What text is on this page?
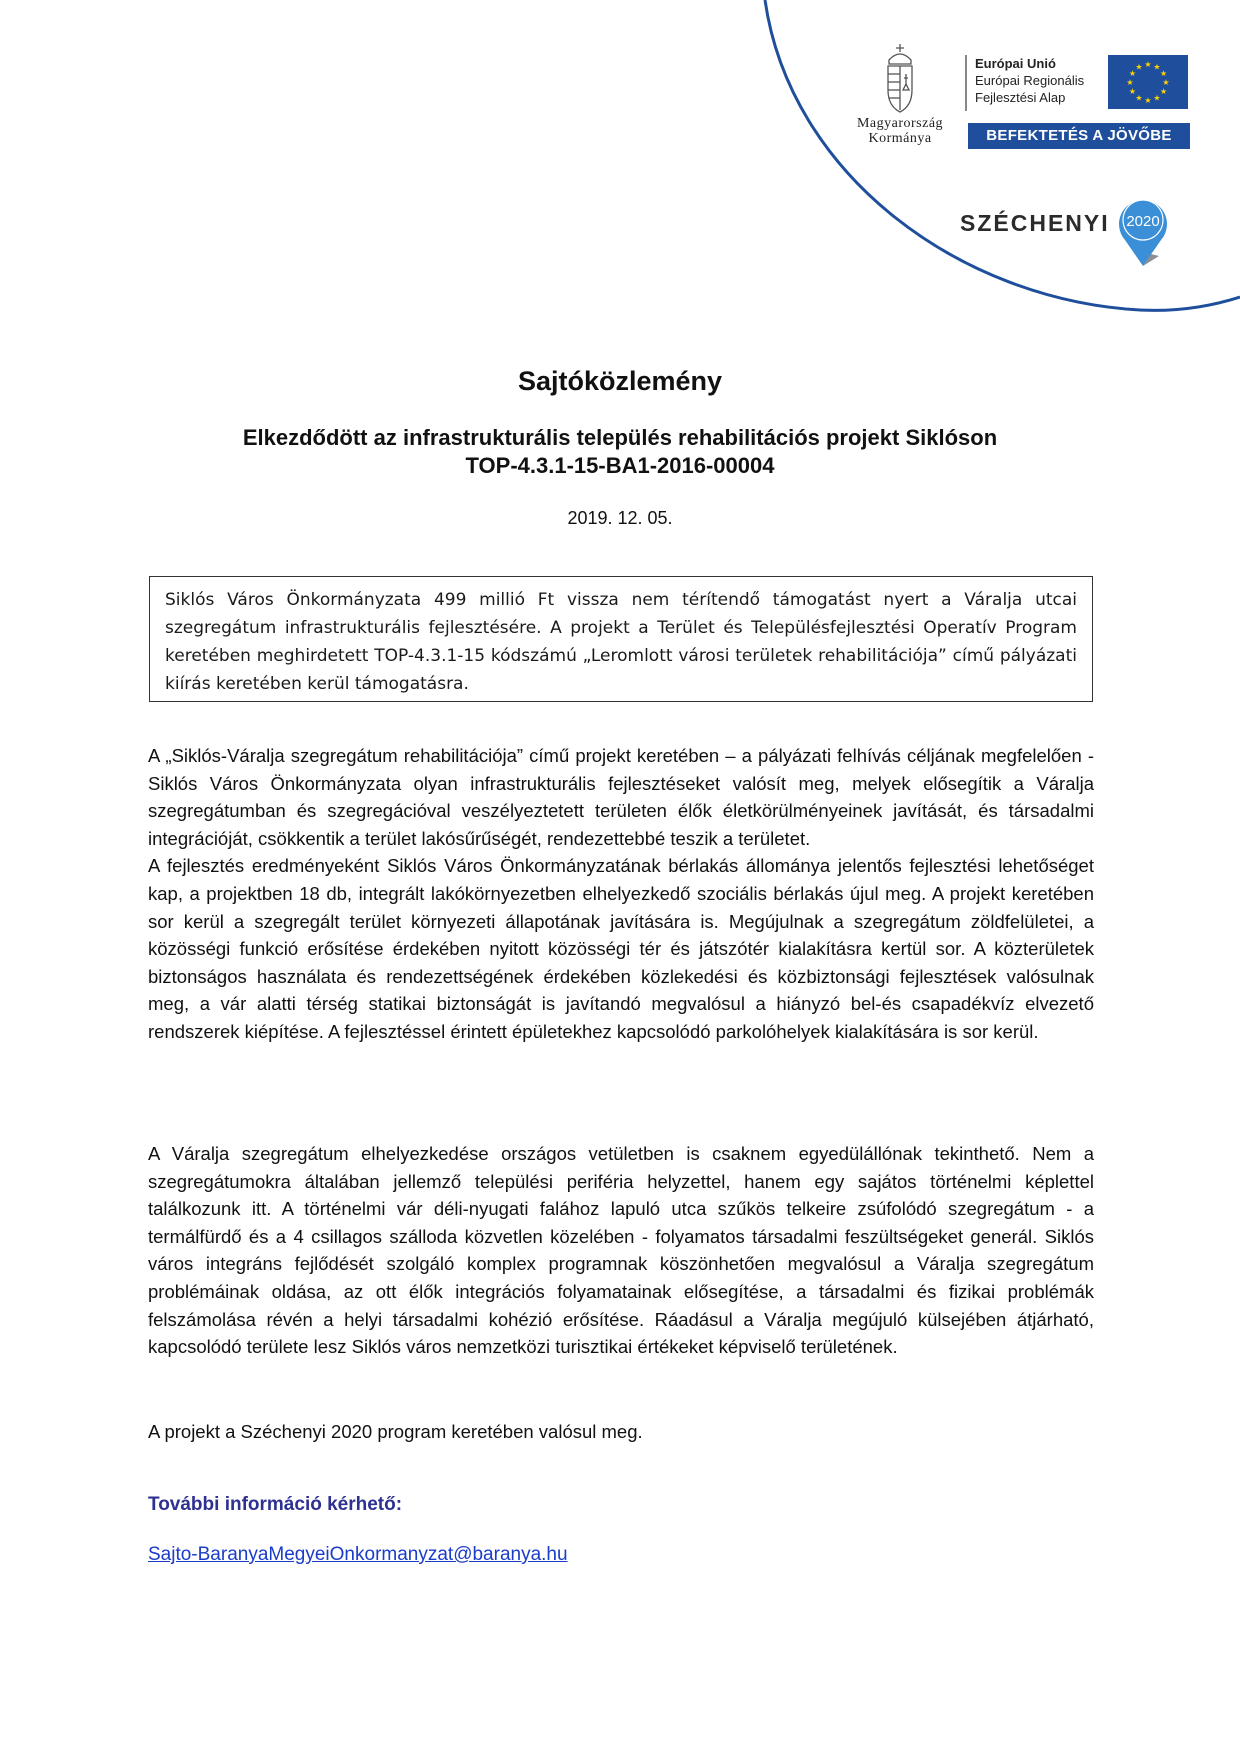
Magyarország
Kormánya
Európai Unió
Európai Regionális
Fejlesztési Alap
★ ★
★
★
★
★
★
★
★
★
★
★
BEFEKTETÉS A JÖVŐBE
SZÉCHENYI 2020
Sajtóközlemény
Elkezdődött az infrastrukturális település rehabilitációs projekt Siklóson
TOP-4.3.1-15-BA1-2016-00004
2019. 12. 05.
Siklós Város Önkormányzata 499 millió Ft vissza nem térítendő támogatást nyert a Váralja utcai szegregátum infrastrukturális fejlesztésére. A projekt a Terület és Településfejlesztési Operatív Program keretében meghirdetett TOP-4.3.1-15 kódszámú „Leromlott városi területek rehabilitációja” című pályázati kiírás keretében kerül támogatásra.
A „Siklós-Váralja szegregátum rehabilitációja” című projekt keretében – a pályázati felhívás céljának megfelelően - Siklós Város Önkormányzata olyan infrastrukturális fejlesztéseket valósít meg, melyek elősegítik a Váralja szegregátumban és szegregációval veszélyeztetett területen élők életkörülményeinek javítását, és társadalmi integrációját, csökkentik a terület lakósűrűségét, rendezettebbé teszik a területet.
A fejlesztés eredményeként Siklós Város Önkormányzatának bérlakás állománya jelentős fejlesztési lehetőséget kap, a projektben 18 db, integrált lakókörnyezetben elhelyezkedő szociális bérlakás újul meg. A projekt keretében sor kerül a szegregált terület környezeti állapotának javítására is. Megújulnak a szegregátum zöldfelületei, a közösségi funkció erősítése érdekében nyitott közösségi tér és játszótér kialakításra kertül sor. A közterületek biztonságos használata és rendezettségének érdekében közlekedési és közbiztonsági fejlesztések valósulnak meg, a vár alatti térség statikai biztonságát is javítandó megvalósul a hiányzó bel-és csapadékvíz elvezető rendszerek kiépítése. A fejlesztéssel érintett épületekhez kapcsolódó parkolóhelyek kialakítására is sor kerül.
A Váralja szegregátum elhelyezkedése országos vetületben is csaknem egyedülállónak tekinthető. Nem a szegregátumokra általában jellemző települési periféria helyzettel, hanem egy sajátos történelmi képlettel találkozunk itt. A történelmi vár déli-nyugati falához lapuló utca szűkös telkeire zsúfolódó szegregátum - a termálfürdő és a 4 csillagos szálloda közvetlen közelében - folyamatos társadalmi feszültségeket generál. Siklós város integráns fejlődését szolgáló komplex programnak köszönhetően megvalósul a Váralja szegregátum problémáinak oldása, az ott élők integrációs folyamatainak elősegítése, a társadalmi és fizikai problémák felszámolása révén a helyi társadalmi kohézió erősítése. Ráadásul a Váralja megújuló külsejében átjárható, kapcsolódó területe lesz Siklós város nemzetközi turisztikai értékeket képviselő területének.
A projekt a Széchenyi 2020 program keretében valósul meg.
További információ kérhető:
Sajto-BaranyaMegyeiOnkormanyzat@baranya.hu
